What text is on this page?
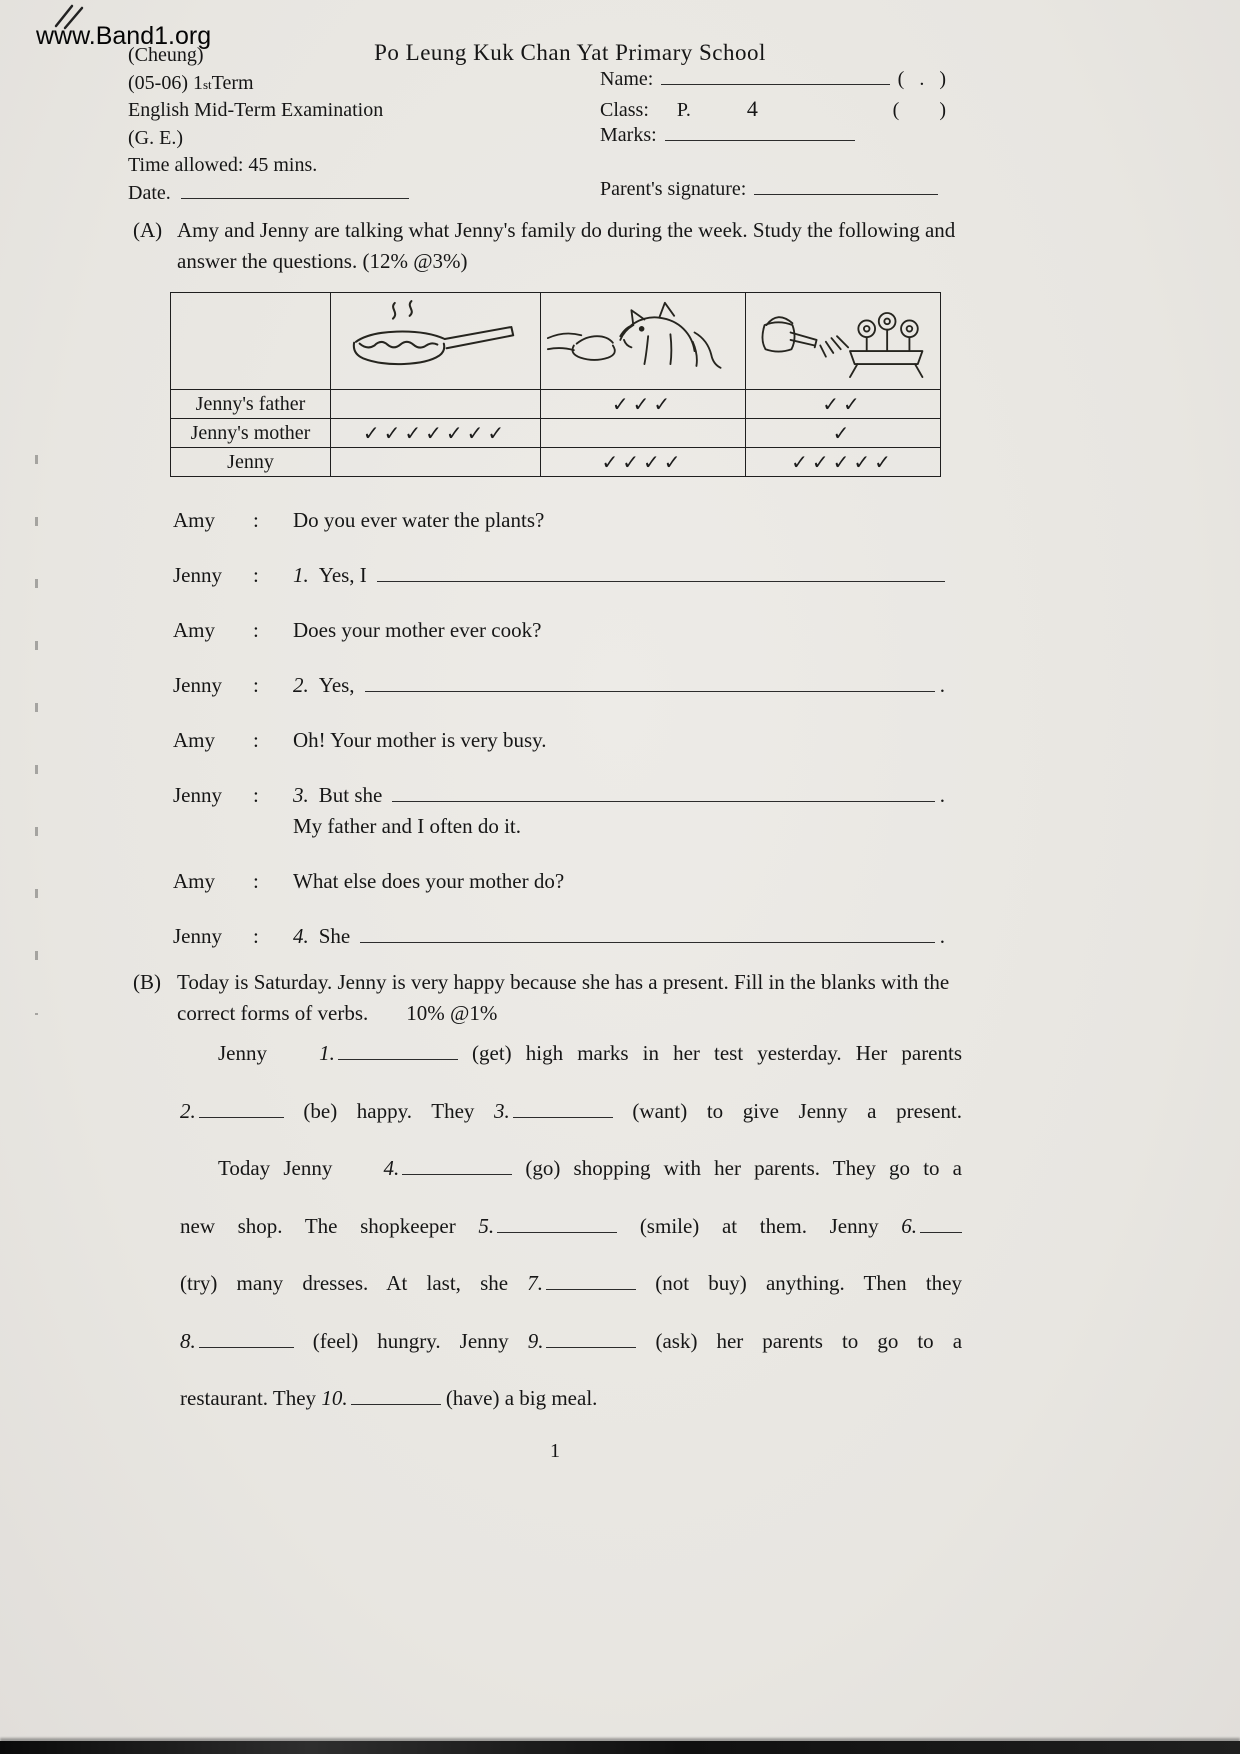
www.Band1.org
Po Leung Kuk Chan Yat Primary School
(Cheung)
(05-06) 1 st Term
English Mid-Term Examination
(G. E.)
Time allowed: 45 mins.
Date.
Name:	(   .   )
Class: P.	4	(        )
Marks:
Parent's signature:
(A) Amy and Jenny are talking what Jenny's family do during the week. Study the following and answer the questions. (12% @3%)

Jenny's father		✓✓✓	✓✓
Jenny's mother	✓✓✓✓✓✓✓		✓
Jenny		✓✓✓✓	✓✓✓✓✓
Amy	:	Do you ever water the plants?
Jenny	:	1. Yes, I
Amy	:	Does your mother ever cook?
Jenny	:	2. Yes,	.
Amy	:	Oh! Your mother is very busy.
Jenny	:	3. But she	.
My father and I often do it.
Amy	:	What else does your mother do?
Jenny	:	4. She	.
(B) Today is Saturday. Jenny is very happy because she has a present. Fill in the blanks with the correct forms of verbs. 10% @1%
Jenny 1.	(get) high marks in her test yesterday. Her parents
2.	(be) happy. They 3.	(want) to give Jenny a present.
Today Jenny 4.	(go) shopping with her parents. They go to a
new shop. The shopkeeper 5.	(smile) at them. Jenny 6.
(try) many dresses. At last, she 7.	(not buy) anything. Then they
8.	(feel) hungry. Jenny 9.	(ask) her parents to go to a
restaurant. They 10.	(have) a big meal.
1
